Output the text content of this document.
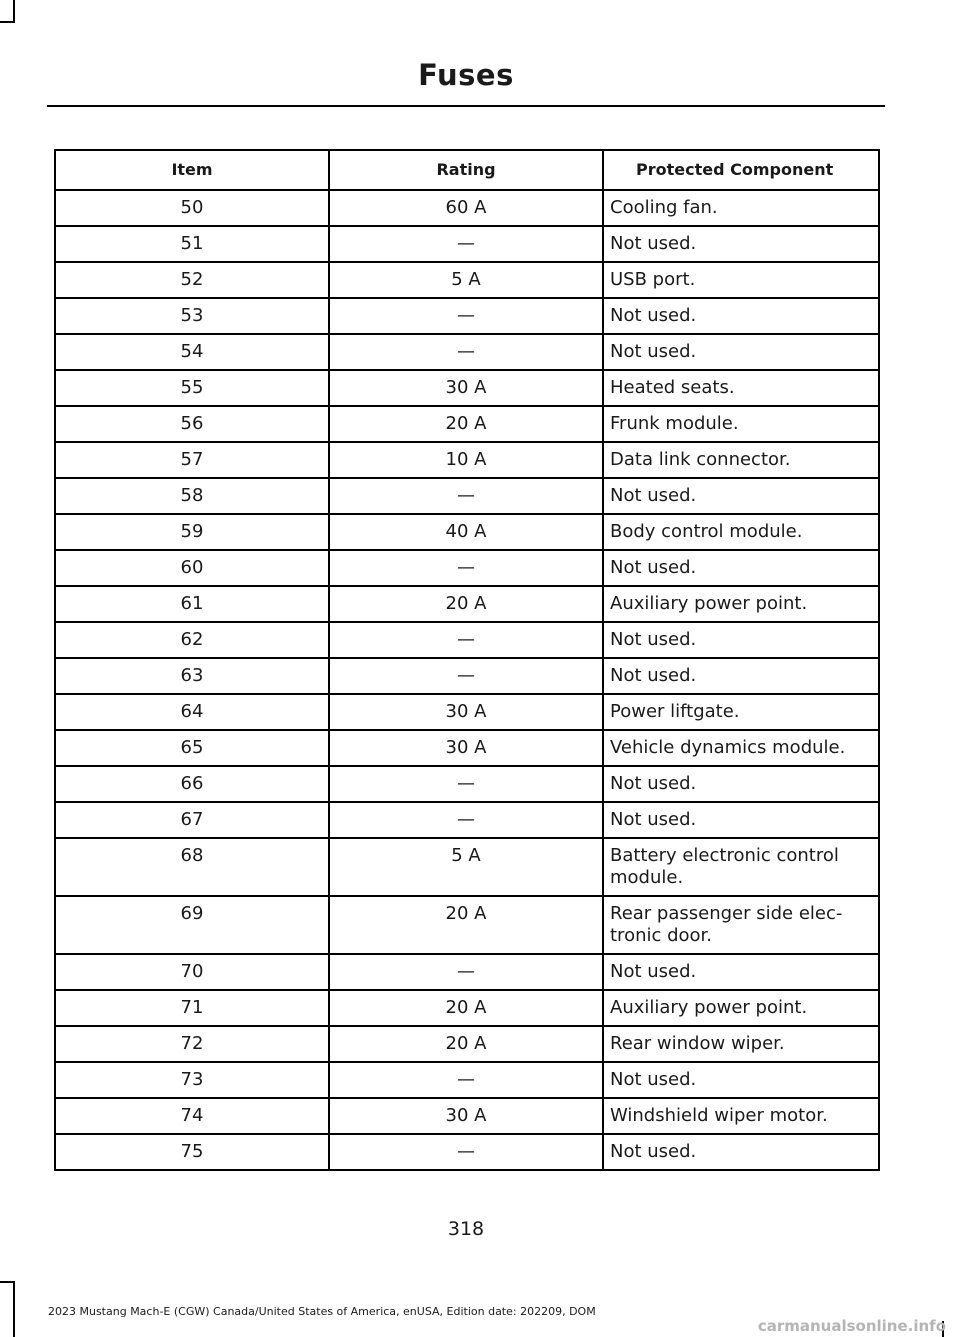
Fuses
Item	Rating	Protected Component
50	60 A	Cooling fan.
51	—	Not used.
52	5 A	USB port.
53	—	Not used.
54	—	Not used.
55	30 A	Heated seats.
56	20 A	Frunk module.
57	10 A	Data link connector.
58	—	Not used.
59	40 A	Body control module.
60	—	Not used.
61	20 A	Auxiliary power point.
62	—	Not used.
63	—	Not used.
64	30 A	Power liftgate.
65	30 A	Vehicle dynamics module.
66	—	Not used.
67	—	Not used.
68	5 A	Battery electronic control module.
69	20 A	Rear passenger side elec-tronic door.
70	—	Not used.
71	20 A	Auxiliary power point.
72	20 A	Rear window wiper.
73	—	Not used.
74	30 A	Windshield wiper motor.
75	—	Not used.
318
2023 Mustang Mach-E (CGW) Canada/United States of America, enUSA, Edition date: 202209, DOM
carmanualsonline.info
